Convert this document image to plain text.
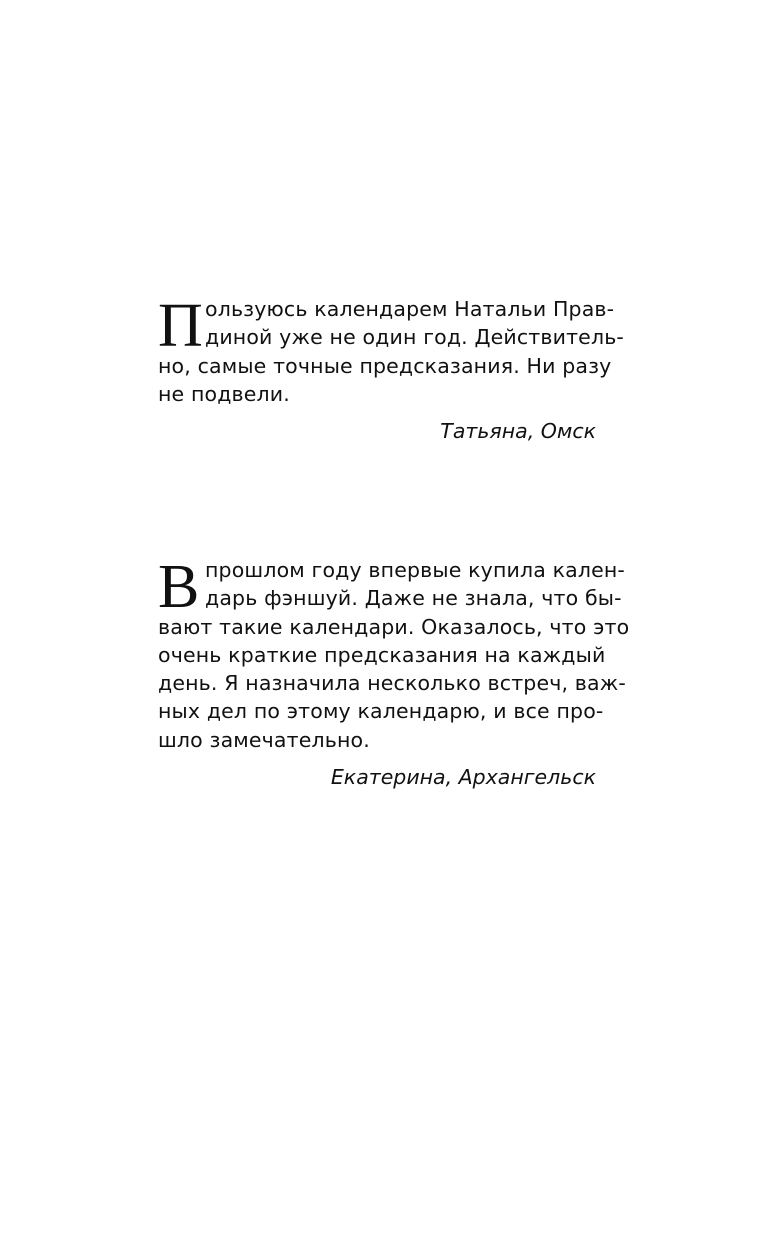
П ользуюсь календарем Натальи Прав-
диной уже не один год. Действитель-
но, самые точные предсказания. Ни разу
не подвели.

Татьяна, Омск

В прошлом году впервые купила кален-
дарь фэншуй. Даже не знала, что бы-
вают такие календари. Оказалось, что это
очень краткие предсказания на каждый
день. Я назначила несколько встреч, важ-
ных дел по этому календарю, и все про-
шло замечательно.

Екатерина, Архангельск
